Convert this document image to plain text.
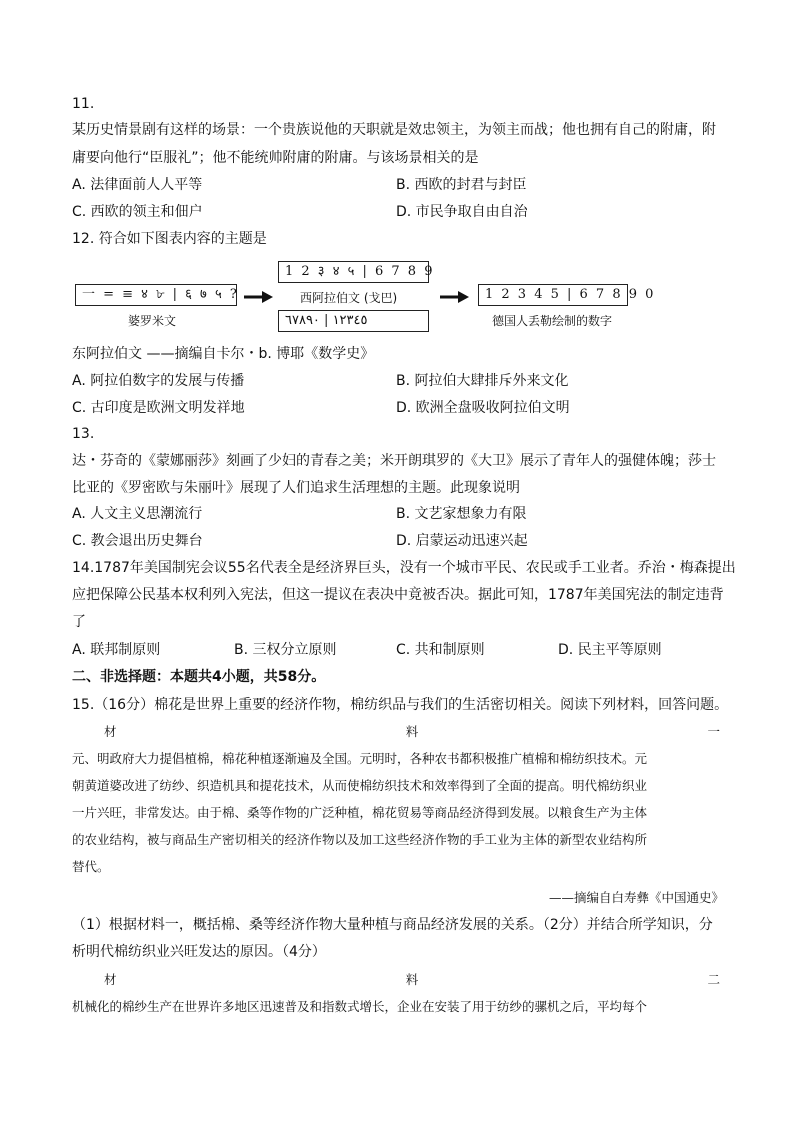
11.
某历史情景剧有这样的场景：一个贵族说他的天职就是效忠领主，为领主而战；他也拥有自己的附庸，附
庸要向他行“臣服礼”；他不能统帅附庸的附庸。与该场景相关的是
A. 法律面前人人平等	B. 西欧的封君与封臣
C. 西欧的领主和佃户	D. 市民争取自由自治
12. 符合如下图表内容的主题是
一 = ≡ ४ ৮ | ६ ७ ५ ?
婆罗米文
1 2 ३ ४ ५ | 6 7 8 9
西阿拉伯文 (戈巴)
١٢٣٤٥ | ٦٧٨٩٠
1 2 3 4 5 | 6 7 8 9 0
德国人丢勒绘制的数字
东阿拉伯文 ——摘编自卡尔・b. 博耶《数学史》
A. 阿拉伯数字的发展与传播	B. 阿拉伯大肆排斥外来文化
C. 古印度是欧洲文明发祥地	D. 欧洲全盘吸收阿拉伯文明
13.
达・芬奇的《蒙娜丽莎》刻画了少妇的青春之美；米开朗琪罗的《大卫》展示了青年人的强健体魄；莎士
比亚的《罗密欧与朱丽叶》展现了人们追求生活理想的主题。此现象说明
A. 人文主义思潮流行	B. 文艺家想象力有限
C. 教会退出历史舞台	D. 启蒙运动迅速兴起
14.1787年美国制宪会议55名代表全是经济界巨头，没有一个城市平民、农民或手工业者。乔治・梅森提出
应把保障公民基本权利列入宪法，但这一提议在表决中竟被否决。据此可知，1787年美国宪法的制定违背
了
A. 联邦制原则	B. 三权分立原则	C. 共和制原则	D. 民主平等原则
二、非选择题：本题共4小题，共58分。
15.（16分）棉花是世界上重要的经济作物，棉纺织品与我们的生活密切相关。阅读下列材料，回答问题。
材	料	一
元、明政府大力提倡植棉，棉花种植逐渐遍及全国。元明时，各种农书都积极推广植棉和棉纺织技术。元
朝黄道婆改进了纺纱、织造机具和提花技术，从而使棉纺织技术和效率得到了全面的提高。明代棉纺织业
一片兴旺，非常发达。由于棉、桑等作物的广泛种植，棉花贸易等商品经济得到发展。以粮食生产为主体
的农业结构，被与商品生产密切相关的经济作物以及加工这些经济作物的手工业为主体的新型农业结构所
替代。
——摘编自白寿彝《中国通史》
（1）根据材料一，概括棉、桑等经济作物大量种植与商品经济发展的关系。（2分）并结合所学知识，分
析明代棉纺织业兴旺发达的原因。（4分）
材	料	二
机械化的棉纱生产在世界许多地区迅速普及和指数式增长，企业在安装了用于纺纱的骡机之后，平均每个
